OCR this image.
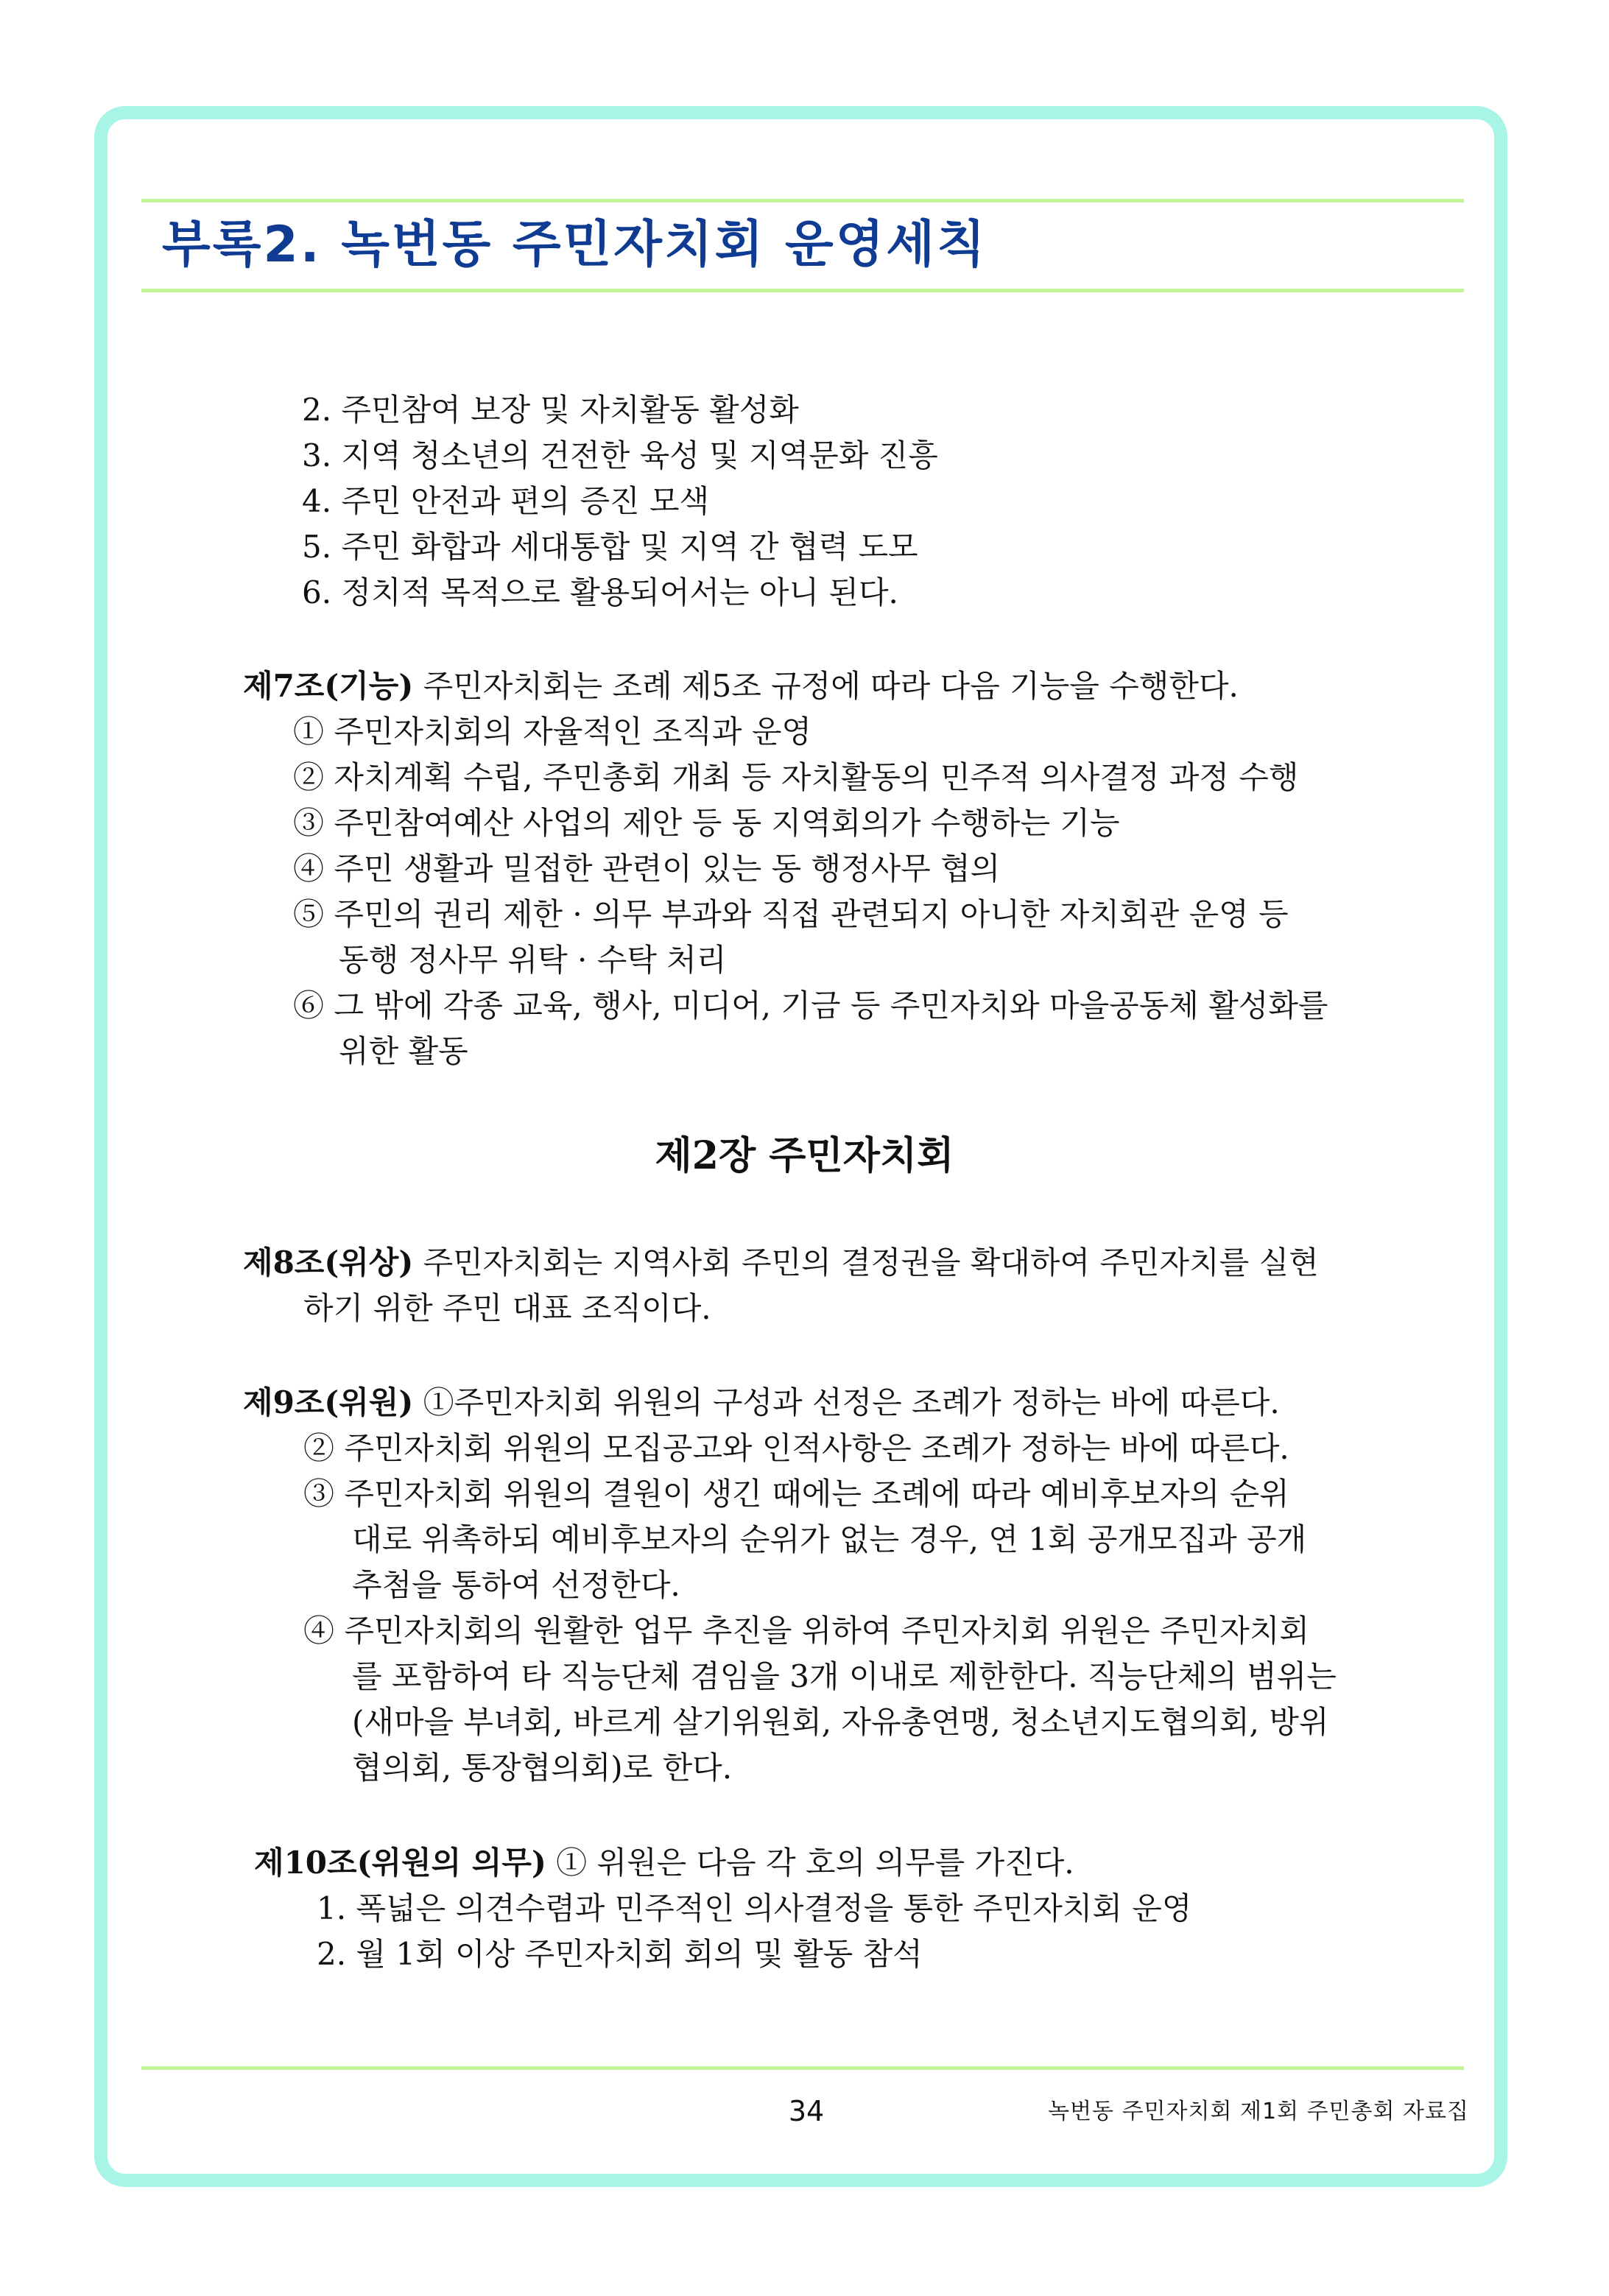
부록2. 녹번동 주민자치회 운영세칙

2. 주민참여 보장 및 자치활동 활성화

3. 지역 청소년의 건전한 육성 및 지역문화 진흥

4. 주민 안전과 편의 증진 모색

5. 주민 화합과 세대통합 및 지역 간 협력 도모

6. 정치적 목적으로 활용되어서는 아니 된다.

제7조(기능) 주민자치회는 조례 제5조 규정에 따라 다음 기능을 수행한다.

① 주민자치회의 자율적인 조직과 운영

② 자치계획 수립, 주민총회 개최 등 자치활동의 민주적 의사결정 과정 수행

③ 주민참여예산 사업의 제안 등 동 지역회의가 수행하는 기능

④ 주민 생활과 밀접한 관련이 있는 동 행정사무 협의

⑤ 주민의 권리 제한 · 의무 부과와 직접 관련되지 아니한 자치회관 운영 등

동행 정사무 위탁 · 수탁 처리

⑥ 그 밖에 각종 교육, 행사, 미디어, 기금 등 주민자치와 마을공동체 활성화를

위한 활동

제2장 주민자치회

제8조(위상) 주민자치회는 지역사회 주민의 결정권을 확대하여 주민자치를 실현

하기 위한 주민 대표 조직이다.

제9조(위원) ①주민자치회 위원의 구성과 선정은 조례가 정하는 바에 따른다.

② 주민자치회 위원의 모집공고와 인적사항은 조례가 정하는 바에 따른다.

③ 주민자치회 위원의 결원이 생긴 때에는 조례에 따라 예비후보자의 순위

대로 위촉하되 예비후보자의 순위가 없는 경우, 연 1회 공개모집과 공개

추첨을 통하여 선정한다.

④ 주민자치회의 원활한 업무 추진을 위하여 주민자치회 위원은 주민자치회

를 포함하여 타 직능단체 겸임을 3개 이내로 제한한다. 직능단체의 범위는

(새마을 부녀회, 바르게 살기위원회, 자유총연맹, 청소년지도협의회, 방위

협의회, 통장협의회)로 한다.

제10조(위원의 의무) ① 위원은 다음 각 호의 의무를 가진다.

1. 폭넓은 의견수렴과 민주적인 의사결정을 통한 주민자치회 운영

2. 월 1회 이상 주민자치회 회의 및 활동 참석

34	녹번동 주민자치회 제1회 주민총회 자료집
